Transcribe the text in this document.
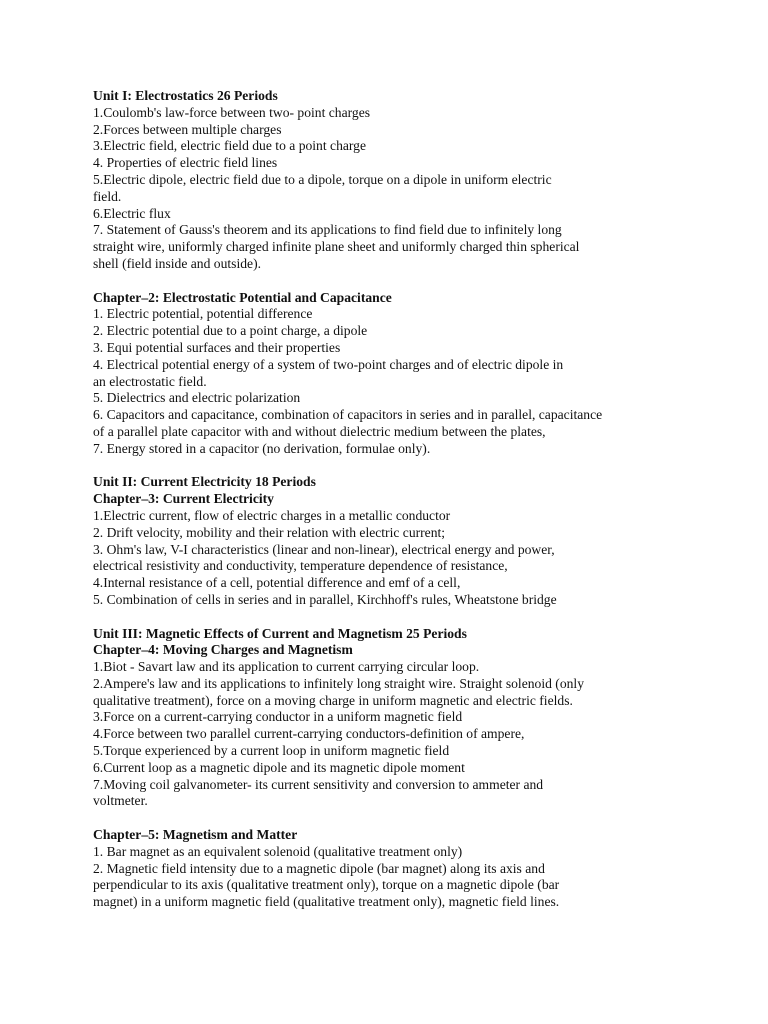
Unit I: Electrostatics 26 Periods
1.Coulomb's law-force between two- point charges
2.Forces between multiple charges
3.Electric field, electric field due to a point charge
4. Properties of electric field lines
5.Electric dipole, electric field due to a dipole, torque on a dipole in uniform electric
field.
6.Electric flux
7. Statement of Gauss's theorem and its applications to find field due to infinitely long
straight wire, uniformly charged infinite plane sheet and uniformly charged thin spherical
shell (field inside and outside).
Chapter–2: Electrostatic Potential and Capacitance
1. Electric potential, potential difference
2. Electric potential due to a point charge, a dipole
3. Equi potential surfaces and their properties
4. Electrical potential energy of a system of two-point charges and of electric dipole in
an electrostatic field.
5. Dielectrics and electric polarization
6. Capacitors and capacitance, combination of capacitors in series and in parallel, capacitance
of a parallel plate capacitor with and without dielectric medium between the plates,
7. Energy stored in a capacitor (no derivation, formulae only).
Unit II: Current Electricity 18 Periods
Chapter–3: Current Electricity
1.Electric current, flow of electric charges in a metallic conductor
2. Drift velocity, mobility and their relation with electric current;
3. Ohm's law, V-I characteristics (linear and non-linear), electrical energy and power,
electrical resistivity and conductivity, temperature dependence of resistance,
4.Internal resistance of a cell, potential difference and emf of a cell,
5. Combination of cells in series and in parallel, Kirchhoff's rules, Wheatstone bridge
Unit III: Magnetic Effects of Current and Magnetism 25 Periods
Chapter–4: Moving Charges and Magnetism
1.Biot - Savart law and its application to current carrying circular loop.
2.Ampere's law and its applications to infinitely long straight wire. Straight solenoid (only
qualitative treatment), force on a moving charge in uniform magnetic and electric fields.
3.Force on a current-carrying conductor in a uniform magnetic field
4.Force between two parallel current-carrying conductors-definition of ampere,
5.Torque experienced by a current loop in uniform magnetic field
6.Current loop as a magnetic dipole and its magnetic dipole moment
7.Moving coil galvanometer- its current sensitivity and conversion to ammeter and
voltmeter.
Chapter–5: Magnetism and Matter
1. Bar magnet as an equivalent solenoid (qualitative treatment only)
2. Magnetic field intensity due to a magnetic dipole (bar magnet) along its axis and
perpendicular to its axis (qualitative treatment only), torque on a magnetic dipole (bar
magnet) in a uniform magnetic field (qualitative treatment only), magnetic field lines.
